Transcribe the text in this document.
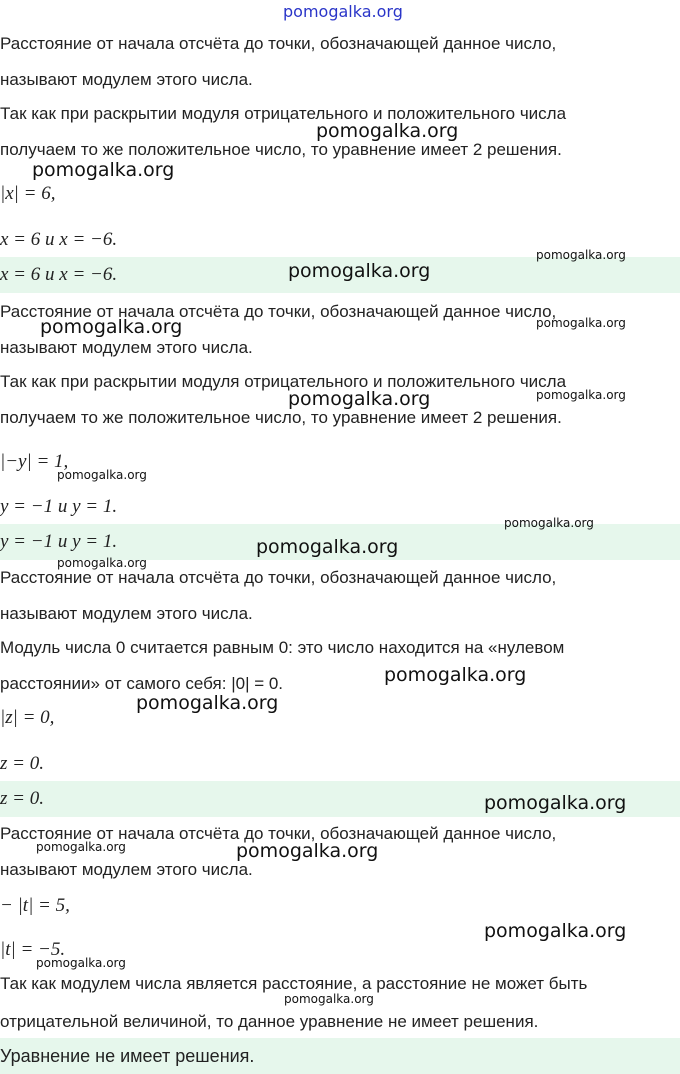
pomogalka.org
Расстояние от начала отсчёта до точки, обозначающей данное число,
называют модулем этого числа.
Так как при раскрытии модуля отрицательного и положительного числа
получаем то же положительное число, то уравнение имеет 2 решения.
|x| = 6,
x = 6 и x = −6.
x = 6 и x = −6.
Расстояние от начала отсчёта до точки, обозначающей данное число,
называют модулем этого числа.
Так как при раскрытии модуля отрицательного и положительного числа
получаем то же положительное число, то уравнение имеет 2 решения.
|−y| = 1,
y = −1 и y = 1.
y = −1 и y = 1.
Расстояние от начала отсчёта до точки, обозначающей данное число,
называют модулем этого числа.
Модуль числа 0 считается равным 0: это число находится на «нулевом
расстоянии» от самого себя: |0| = 0.
|z| = 0,
z = 0.
z = 0.
Расстояние от начала отсчёта до точки, обозначающей данное число,
называют модулем этого числа.
− |t| = 5,
|t| = −5.
Так как модулем числа является расстояние, а расстояние не может быть
отрицательной величиной, то данное уравнение не имеет решения.
Уравнение не имеет решения.
pomogalka.org
pomogalka.org
pomogalka.org
pomogalka.org
pomogalka.org	pomogalka.org
pomogalka.org	pomogalka.org
pomogalka.org
pomogalka.org
pomogalka.org
pomogalka.org
pomogalka.org
pomogalka.org
pomogalka.org
pomogalka.org	pomogalka.org
pomogalka.org
pomogalka.org
pomogalka.org
